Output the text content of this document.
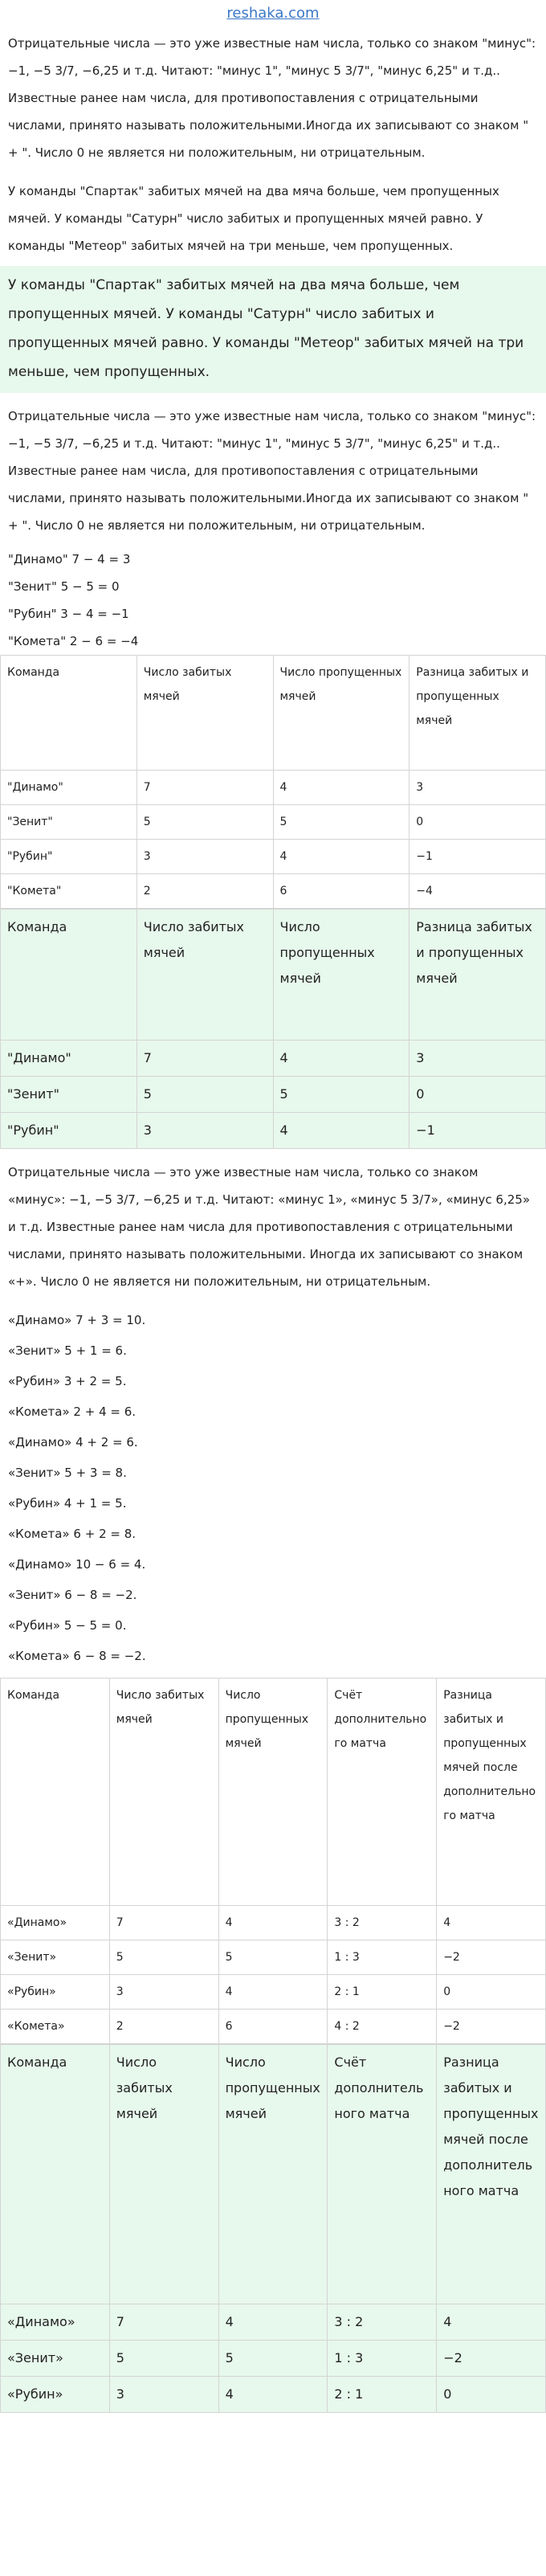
reshaka.com
Отрицательные числа — это уже известные нам числа, только со знаком "минус": −1, −5 3/7, −6,25 и т.д. Читают: "минус 1", "минус 5 3/7", "минус 6,25" и т.д.. Известные ранее нам числа, для противопоставления с отрицательными числами, принято называть положительными.Иногда их записывают со знаком " + ". Число 0 не является ни положительным, ни отрицательным.
У команды "Спартак" забитых мячей на два мяча больше, чем пропущенных мячей. У команды "Сатурн" число забитых и пропущенных мячей равно. У команды "Метеор" забитых мячей на три меньше, чем пропущенных.
У команды "Спартак" забитых мячей на два мяча больше, чем пропущенных мячей. У команды "Сатурн" число забитых и пропущенных мячей равно. У команды "Метеор" забитых мячей на три меньше, чем пропущенных.
Отрицательные числа — это уже известные нам числа, только со знаком "минус": −1, −5 3/7, −6,25 и т.д. Читают: "минус 1", "минус 5 3/7", "минус 6,25" и т.д.. Известные ранее нам числа, для противопоставления с отрицательными числами, принято называть положительными.Иногда их записывают со знаком " + ". Число 0 не является ни положительным, ни отрицательным.
"Динамо" 7 − 4 = 3
"Зенит" 5 − 5 = 0
"Рубин" 3 − 4 = −1
"Комета" 2 − 6 = −4
Команда	Число забитых мячей	Число пропущенных мячей	Разница забитых и пропущенных мячей
"Динамо"	7	4	3
"Зенит"	5	5	0
"Рубин"	3	4	−1
"Комета"	2	6	−4
Команда	Число забитых мячей	Число пропущенных мячей	Разница забитых и пропущенных мячей
"Динамо"	7	4	3
"Зенит"	5	5	0
"Рубин"	3	4	−1
Отрицательные числа — это уже известные нам числа, только со знаком «минус»: −1, −5 3/7, −6,25 и т.д. Читают: «минус 1», «минус 5 3/7», «минус 6,25» и т.д. Известные ранее нам числа для противопоставления с отрицательными числами, принято называть положительными. Иногда их записывают со знаком «+». Число 0 не является ни положительным, ни отрицательным.
«Динамо» 7 + 3 = 10.
«Зенит» 5 + 1 = 6.
«Рубин» 3 + 2 = 5.
«Комета» 2 + 4 = 6.
«Динамо» 4 + 2 = 6.
«Зенит» 5 + 3 = 8.
«Рубин» 4 + 1 = 5.
«Комета» 6 + 2 = 8.
«Динамо» 10 − 6 = 4.
«Зенит» 6 − 8 = −2.
«Рубин» 5 − 5 = 0.
«Комета» 6 − 8 = −2.
Команда	Число забитых мячей	Число пропущенных мячей	Счёт дополнительного матча	Разница забитых и пропущенных мячей после дополнительного матча
«Динамо»	7	4	3 : 2	4
«Зенит»	5	5	1 : 3	−2
«Рубин»	3	4	2 : 1	0
«Комета»	2	6	4 : 2	−2
Команда	Число забитых мячей	Число пропущенных мячей	Счёт дополнительного матча	Разница забитых и пропущенных мячей после дополнительного матча
«Динамо»	7	4	3 : 2	4
«Зенит»	5	5	1 : 3	−2
«Рубин»	3	4	2 : 1	0
